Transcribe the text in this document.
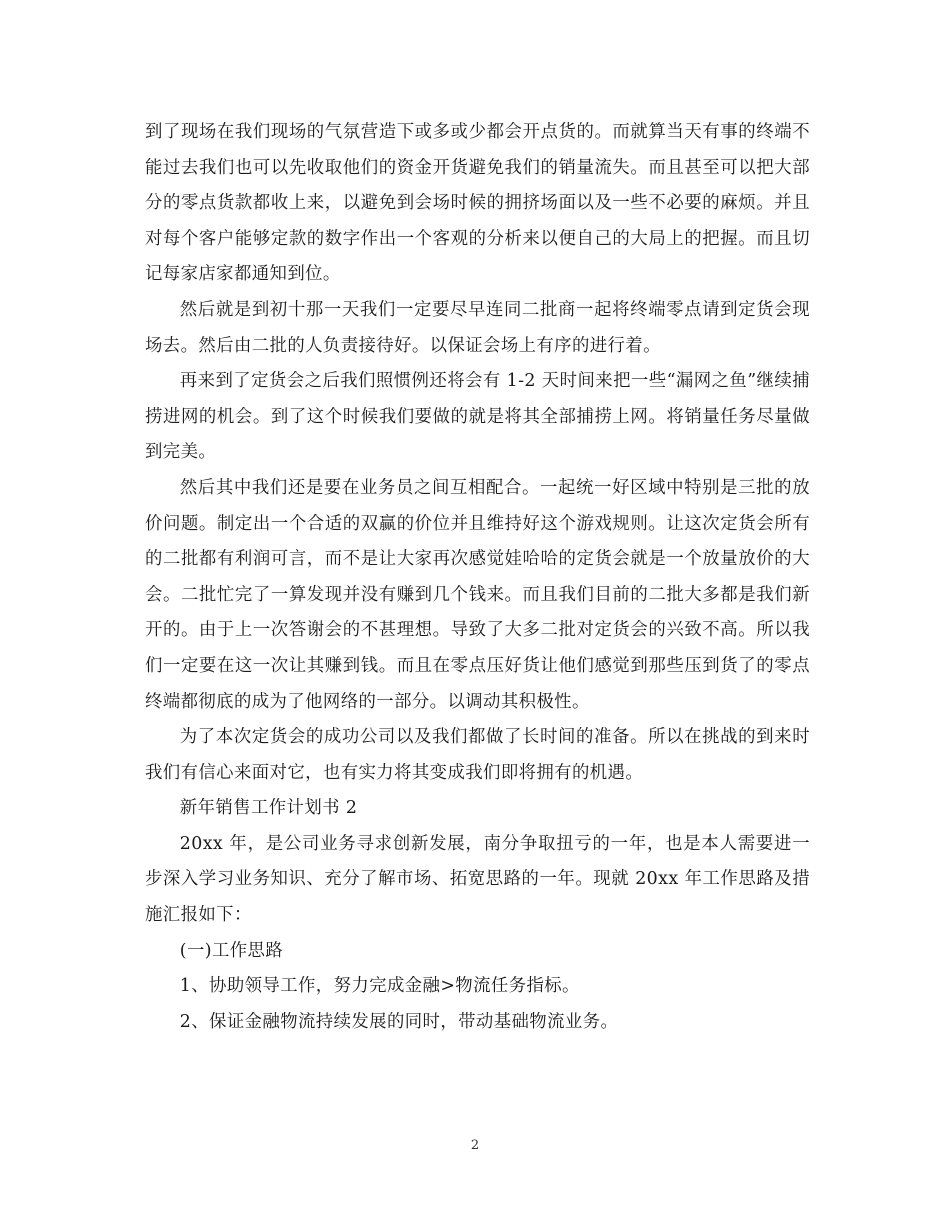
到了现场在我们现场的气氛营造下或多或少都会开点货的。而就算当天有事的终端不能过去我们也可以先收取他们的资金开货避免我们的销量流失。而且甚至可以把大部分的零点货款都收上来，以避免到会场时候的拥挤场面以及一些不必要的麻烦。并且对每个客户能够定款的数字作出一个客观的分析来以便自己的大局上的把握。而且切记每家店家都通知到位。

然后就是到初十那一天我们一定要尽早连同二批商一起将终端零点请到定货会现场去。然后由二批的人负责接待好。以保证会场上有序的进行着。

再来到了定货会之后我们照惯例还将会有 1-2 天时间来把一些“漏网之鱼”继续捕捞进网的机会。到了这个时候我们要做的就是将其全部捕捞上网。将销量任务尽量做到完美。

然后其中我们还是要在业务员之间互相配合。一起统一好区域中特别是三批的放价问题。制定出一个合适的双赢的价位并且维持好这个游戏规则。让这次定货会所有的二批都有利润可言，而不是让大家再次感觉娃哈哈的定货会就是一个放量放价的大会。二批忙完了一算发现并没有赚到几个钱来。而且我们目前的二批大多都是我们新开的。由于上一次答谢会的不甚理想。导致了大多二批对定货会的兴致不高。所以我们一定要在这一次让其赚到钱。而且在零点压好货让他们感觉到那些压到货了的零点终端都彻底的成为了他网络的一部分。以调动其积极性。

为了本次定货会的成功公司以及我们都做了长时间的准备。所以在挑战的到来时我们有信心来面对它，也有实力将其变成我们即将拥有的机遇。

新年销售工作计划书 2

20xx 年，是公司业务寻求创新发展，南分争取扭亏的一年，也是本人需要进一步深入学习业务知识、充分了解市场、拓宽思路的一年。现就 20xx 年工作思路及措施汇报如下：

(一)工作思路

1、协助领导工作，努力完成金融>物流任务指标。

2、保证金融物流持续发展的同时，带动基础物流业务。

2
